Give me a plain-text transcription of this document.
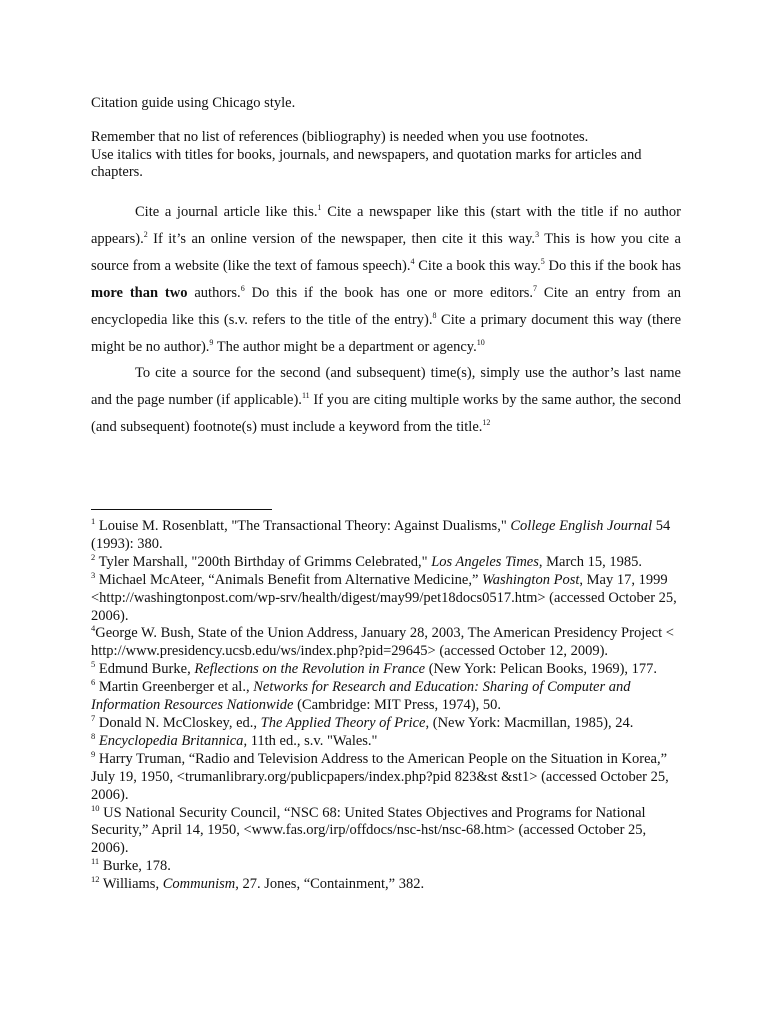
Citation guide using Chicago style.

Remember that no list of references (bibliography) is needed when you use footnotes.
Use italics with titles for books, journals, and newspapers, and quotation marks for articles and chapters.

Cite a journal article like this.$^1$ Cite a newspaper like this (start with the title if no author appears).$^2$ If it’s an online version of the newspaper, then cite it this way.$^3$ This is how you cite a source from a website (like the text of famous speech).$^4$ Cite a book this way.$^5$ Do this if the book has more than two authors.$^6$ Do this if the book has one or more editors.$^7$ Cite an entry from an encyclopedia like this (s.v. refers to the title of the entry).$^8$ Cite a primary document this way (there might be no author).$^9$ The author might be a department or agency.$^{10}$

To cite a source for the second (and subsequent) time(s), simply use the author’s last name and the page number (if applicable).$^{11}$ If you are citing multiple works by the same author, the second (and subsequent) footnote(s) must include a keyword from the title.$^{12}$

$^1$ Louise M. Rosenblatt, "The Transactional Theory: Against Dualisms," College English Journal 54 (1993): 380.

$^2$ Tyler Marshall, "200th Birthday of Grimms Celebrated," Los Angeles Times, March 15, 1985.

$^3$ Michael McAteer, “Animals Benefit from Alternative Medicine,” Washington Post, May 17, 1999 <http://washingtonpost.com/wp-srv/health/digest/may99/pet18docs0517.htm> (accessed October 25, 2006).

$^4$George W. Bush, State of the Union Address, January 28, 2003, The American Presidency Project < http://www.presidency.ucsb.edu/ws/index.php?pid=29645> (accessed October 12, 2009).

$^5$ Edmund Burke, Reflections on the Revolution in France (New York: Pelican Books, 1969), 177.

$^6$ Martin Greenberger et al., Networks for Research and Education: Sharing of Computer and Information Resources Nationwide (Cambridge: MIT Press, 1974), 50.

$^7$ Donald N. McCloskey, ed., The Applied Theory of Price, (New York: Macmillan, 1985), 24.

$^8$ Encyclopedia Britannica, 11th ed., s.v. "Wales."

$^9$ Harry Truman, “Radio and Television Address to the American People on the Situation in Korea,” July 19, 1950, <trumanlibrary.org/publicpapers/index.php?pid 823&st &st1> (accessed October 25, 2006).

$^{10}$ US National Security Council, “NSC 68: United States Objectives and Programs for National Security,” April 14, 1950, <www.fas.org/irp/offdocs/nsc-hst/nsc-68.htm> (accessed October 25, 2006).

$^{11}$ Burke, 178.

$^{12}$ Williams, Communism, 27. Jones, “Containment,” 382.
